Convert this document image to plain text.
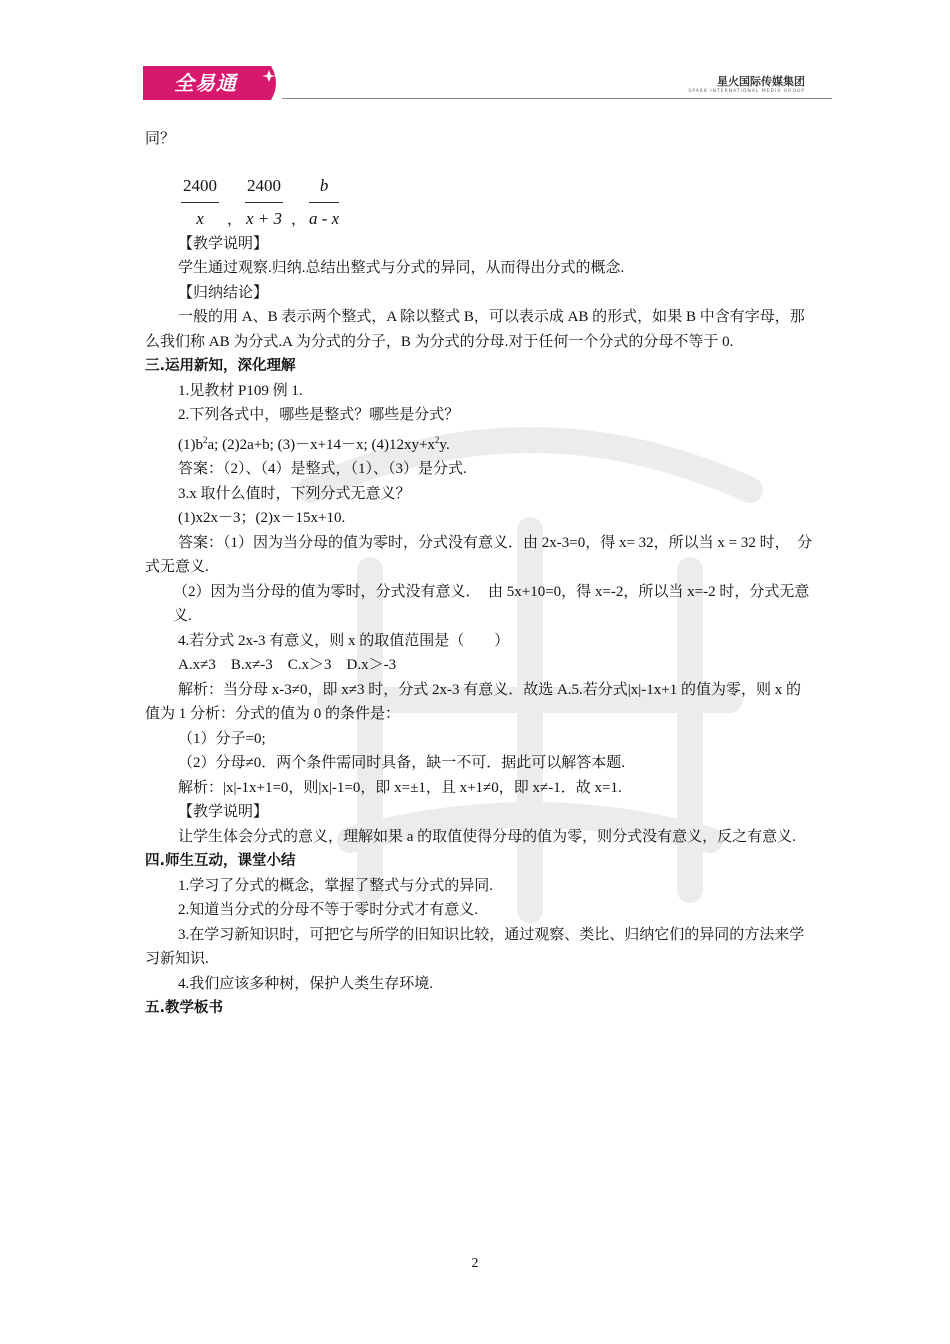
全易通	星火国际传媒集团
SPARK INTERNATIONAL MEDIA GROUP

同？

2400
x	，
2400
x + 3 ，
b
a - x

【教学说明】

学生通过观察.归纳.总结出整式与分式的异同，从而得出分式的概念.

【归纳结论】

一般的用 A、B 表示两个整式，A 除以整式 B，可以表示成 AB 的形式，如果 B 中含有字母，那么我们称 AB 为分式.A 为分式的分子，B 为分式的分母.对于任何一个分式的分母不等于 0.

三.运用新知，深化理解

1.见教材 P109 例 1.

2.下列各式中，哪些是整式？哪些是分式？

$(1)b^2a$; (2)2a+b; (3)－x+14－x; $(4)12xy+x^2y$.

答案：（2）、（4）是整式，（1）、（3）是分式.

3.x 取什么值时，下列分式无意义？

(1)x2x－3；(2)x－15x+10.

答案：（1）因为当分母的值为零时，分式没有意义．由 2x-3=0，得 x= 32，所以当 x = 32 时，　分式无意义.

（2）因为当分母的值为零时，分式没有意义．　由 5x+10=0，得 x=-2，所以当 x=-2 时，分式无意义.

4.若分式 2x-3 有意义，则 x 的取值范围是（　　）

A.x≠3　B.x≠-3　C.x＞3　D.x＞-3

解析：当分母 x-3≠0，即 x≠3 时，分式 2x-3 有意义．故选 A.5.若分式|x|-1x+1 的值为零，则 x 的值为 1 分析：分式的值为 0 的条件是：

（1）分子=0;

（2）分母≠0．两个条件需同时具备，缺一不可．据此可以解答本题.

解析：|x|-1x+1=0，则|x|-1=0，即 x=±1，且 x+1≠0，即 x≠-1．故 x=1.

【教学说明】

让学生体会分式的意义，理解如果 a 的取值使得分母的值为零，则分式没有意义，反之有意义.

四.师生互动，课堂小结

1.学习了分式的概念，掌握了整式与分式的异同.

2.知道当分式的分母不等于零时分式才有意义.

3.在学习新知识时，可把它与所学的旧知识比较，通过观察、类比、归纳它们的异同的方法来学习新知识.

4.我们应该多种树，保护人类生存环境.

五.教学板书

2
